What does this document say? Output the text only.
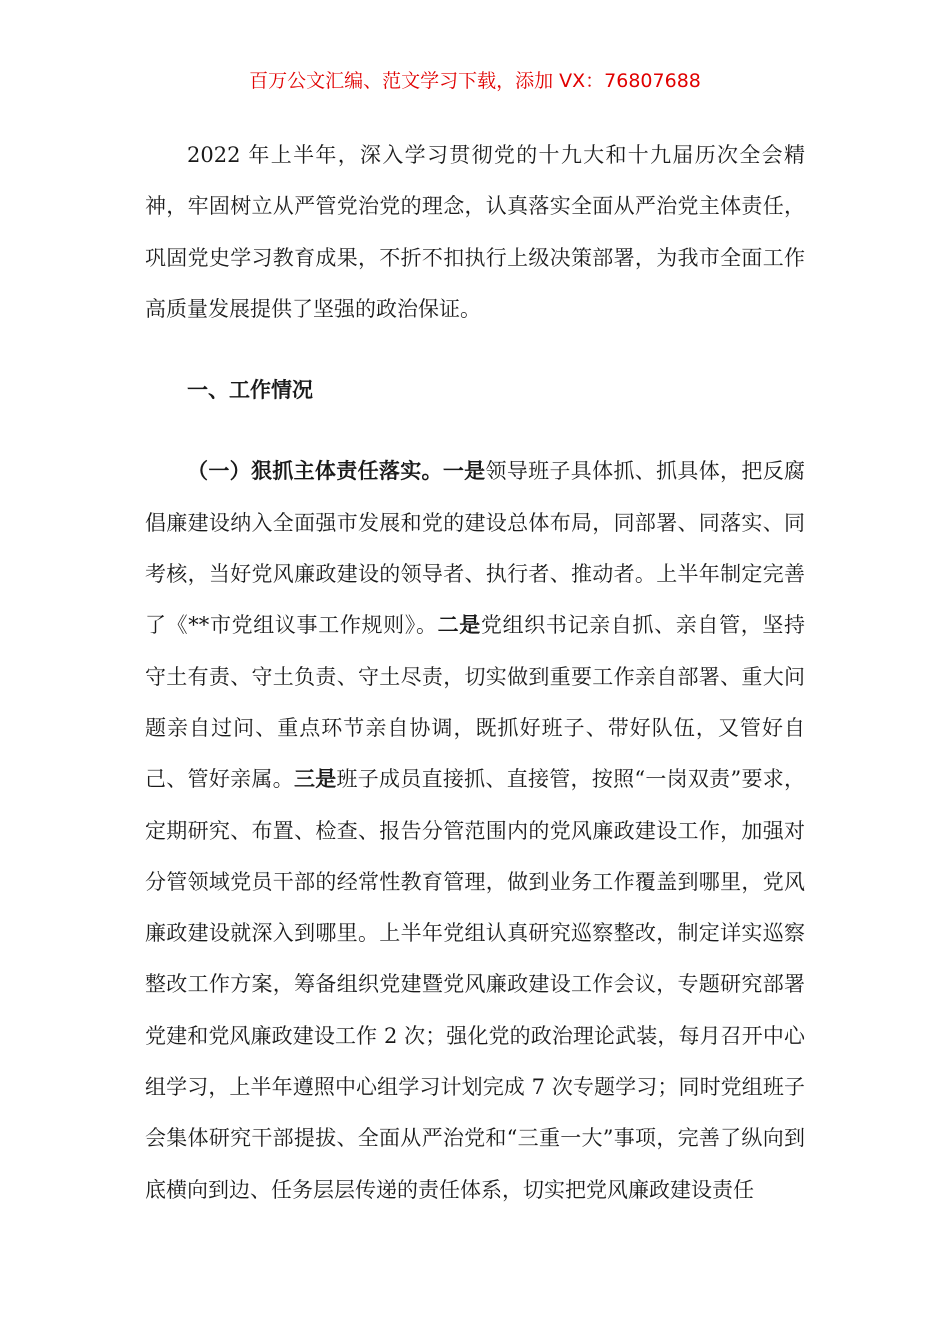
百万公文汇编、范文学习下载，添加 VX：76807688

2022 年上半年，深入学习贯彻党的十九大和十九届历次全会精神，牢固树立从严管党治党的理念，认真落实全面从严治党主体责任，巩固党史学习教育成果，不折不扣执行上级决策部署，为我市全面工作高质量发展提供了坚强的政治保证。

一、工作情况

（一）狠抓主体责任落实。一是领导班子具体抓、抓具体，把反腐倡廉建设纳入全面强市发展和党的建设总体布局，同部署、同落实、同考核，当好党风廉政建设的领导者、执行者、推动者。上半年制定完善了《**市党组议事工作规则》。二是党组织书记亲自抓、亲自管，坚持守土有责、守土负责、守土尽责，切实做到重要工作亲自部署、重大问题亲自过问、重点环节亲自协调，既抓好班子、带好队伍，又管好自己、管好亲属。三是班子成员直接抓、直接管，按照“一岗双责”要求，定期研究、布置、检查、报告分管范围内的党风廉政建设工作，加强对分管领域党员干部的经常性教育管理，做到业务工作覆盖到哪里，党风廉政建设就深入到哪里。上半年党组认真研究巡察整改，制定详实巡察整改工作方案，筹备组织党建暨党风廉政建设工作会议，专题研究部署党建和党风廉政建设工作 2 次；强化党的政治理论武装，每月召开中心组学习，上半年遵照中心组学习计划完成 7 次专题学习；同时党组班子会集体研究干部提拔、全面从严治党和“三重一大”事项，完善了纵向到底横向到边、任务层层传递的责任体系，切实把党风廉政建设责任
